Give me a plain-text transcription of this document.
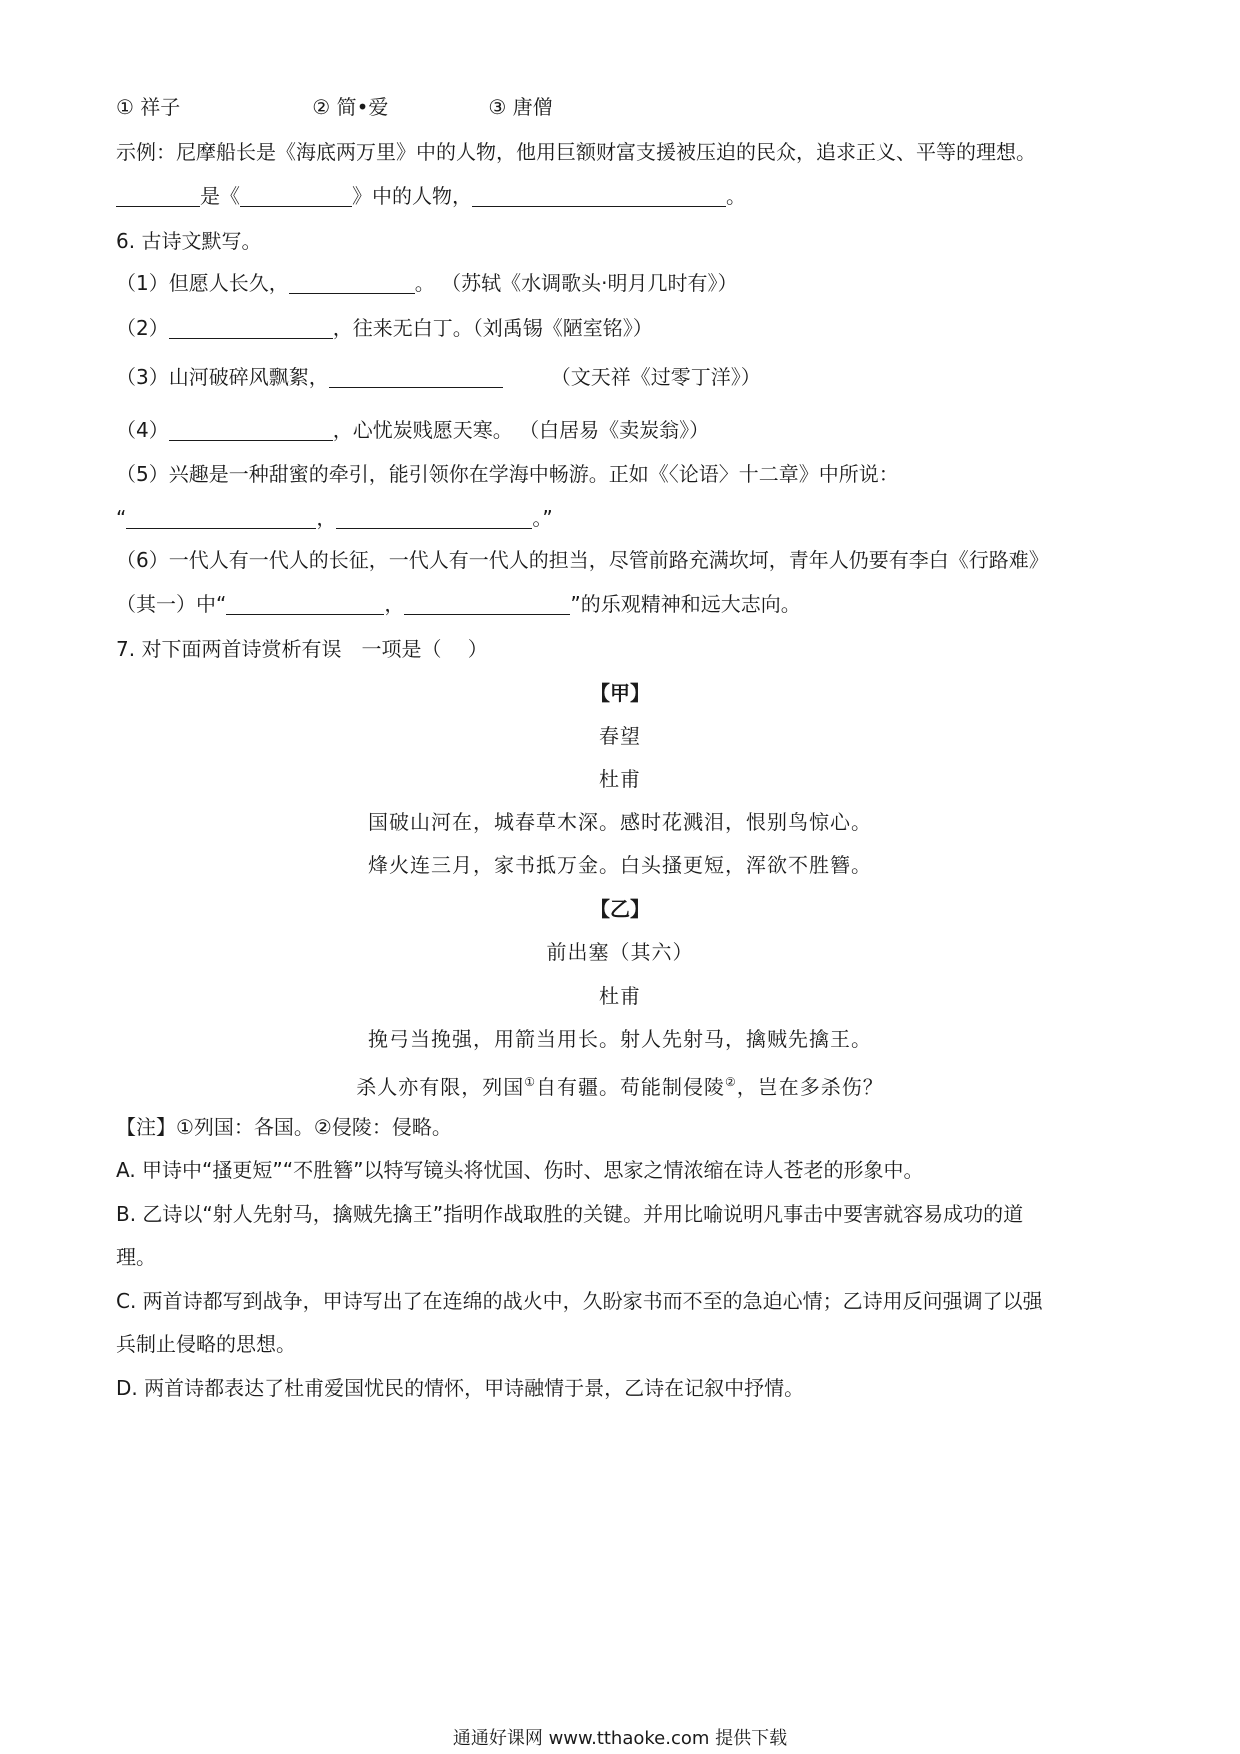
① 祥子	② 简•爱	③ 唐僧
示例：尼摩船长是《海底两万里》中的人物，他用巨额财富支援被压迫的民众，追求正义、平等的理想。
是《	》中的人物，	。
6. 古诗文默写。
（1）但愿人长久，	。 （苏轼《水调歌头·明月几时有》）
（2）	，往来无白丁。（刘禹锡《陋室铭》）
（3）山河破碎风飘絮，	（文天祥《过零丁洋》）
（4）	，心忧炭贱愿天寒。 （白居易《卖炭翁》）
（5）兴趣是一种甜蜜的牵引，能引领你在学海中畅游。正如《〈论语〉十二章》中所说：
“	，	。”
（6）一代人有一代人的长征，一代人有一代人的担当，尽管前路充满坎坷，青年人仍要有李白《行路难》
（其一）中“	，	”的乐观精神和远大志向。
7. 对下面两首诗赏析有误　一项是（　 ）
【甲】
春望
杜甫
国破山河在，城春草木深。感时花溅泪，恨别鸟惊心。
烽火连三月，家书抵万金。白头搔更短，浑欲不胜簪。
【乙】
前出塞（其六）
杜甫
挽弓当挽强，用箭当用长。射人先射马，擒贼先擒王。
杀人亦有限，列国①自有疆。苟能制侵陵②，岂在多杀伤？
【注】①列国：各国。②侵陵：侵略。
A. 甲诗中“搔更短”“不胜簪”以特写镜头将忧国、伤时、思家之情浓缩在诗人苍老的形象中。
B. 乙诗以“射人先射马，擒贼先擒王”指明作战取胜的关键。并用比喻说明凡事击中要害就容易成功的道
理。
C. 两首诗都写到战争，甲诗写出了在连绵的战火中，久盼家书而不至的急迫心情；乙诗用反问强调了以强
兵制止侵略的思想。
D. 两首诗都表达了杜甫爱国忧民的情怀，甲诗融情于景，乙诗在记叙中抒情。
通通好课网 www.tthaoke.com 提供下载
